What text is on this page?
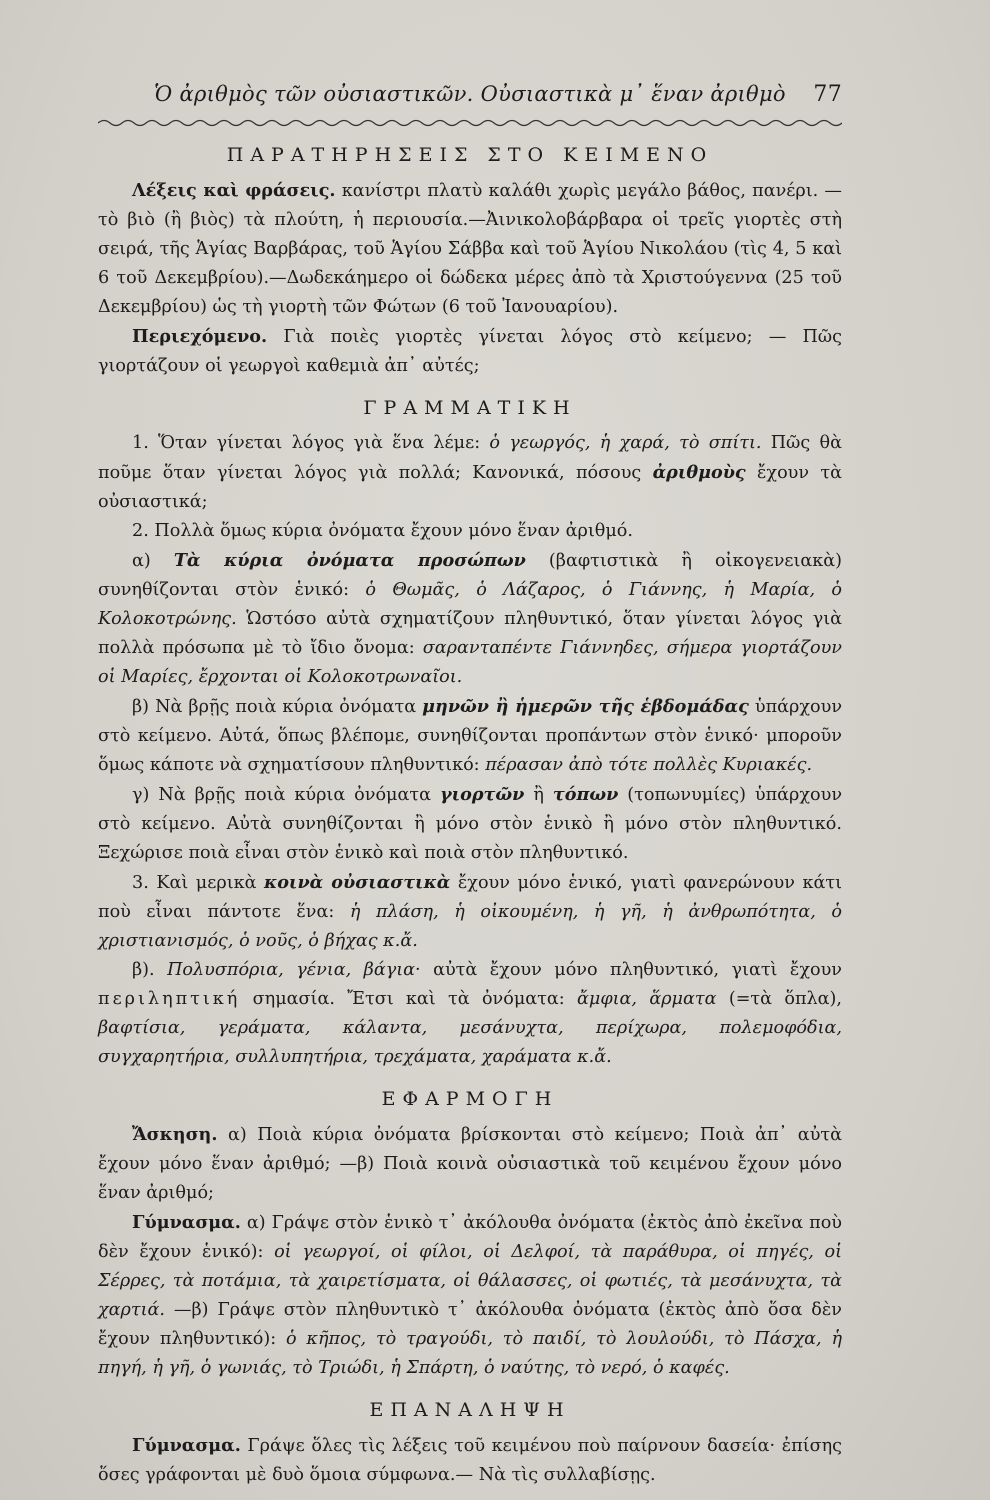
Ὁ ἀριθμὸς τῶν οὐσιαστικῶν. Οὐσιαστικὰ μ᾽ ἕναν ἀριθμὸ 77
ΠΑΡΑΤΗΡΗΣΕΙΣ ΣΤΟ ΚΕΙΜΕΝΟ

Λέξεις καὶ φράσεις. κανίστρι πλατὺ καλάθι χωρὶς μεγάλο βάθος, πανέρι. —τὸ βιὸ (ἢ βιὸς) τὰ πλούτη, ἡ περιουσία.—Ἀινικολοβάρβαρα οἱ τρεῖς γιορτὲς στὴ σειρά, τῆς Ἁγίας Βαρβάρας, τοῦ Ἁγίου Σάββα καὶ τοῦ Ἁγίου Νικολάου (τὶς 4, 5 καὶ 6 τοῦ Δεκεμβρίου).—Δωδεκάημερο οἱ δώδεκα μέρες ἀπὸ τὰ Χριστούγεννα (25 τοῦ Δεκεμβρίου) ὡς τὴ γιορτὴ τῶν Φώτων (6 τοῦ Ἰανουαρίου).

Περιεχόμενο. Γιὰ ποιὲς γιορτὲς γίνεται λόγος στὸ κείμενο; — Πῶς γιορτάζουν οἱ γεωργοὶ καθεμιὰ ἀπ᾽ αὐτές;

ΓΡΑΜΜΑΤΙΚΗ

1. Ὅταν γίνεται λόγος γιὰ ἕνα λέμε: ὁ γεωργός, ἡ χαρά, τὸ σπίτι. Πῶς θὰ ποῦμε ὅταν γίνεται λόγος γιὰ πολλά; Κανονικά, πόσους ἀριθμοὺς ἔχουν τὰ οὐσιαστικά;

2. Πολλὰ ὅμως κύρια ὀνόματα ἔχουν μόνο ἕναν ἀριθμό.

α) Τὰ κύρια ὀνόματα προσώπων (βαφτιστικὰ ἢ οἰκογενειακὰ) συνηθίζονται στὸν ἑνικό: ὁ Θωμᾶς, ὁ Λάζαρος, ὁ Γιάννης, ἡ Μαρία, ὁ Κολοκοτρώνης. Ὡστόσο αὐτὰ σχηματίζουν πληθυντικό, ὅταν γίνεται λόγος γιὰ πολλὰ πρόσωπα μὲ τὸ ἴδιο ὄνομα: σαρανταπέντε Γιάννηδες, σήμερα γιορτάζουν οἱ Μαρίες, ἔρχονται οἱ Κολοκοτρωναῖοι.

β) Νὰ βρῇς ποιὰ κύρια ὀνόματα μηνῶν ἢ ἡμερῶν τῆς ἑβδομάδας ὑπάρχουν στὸ κείμενο. Αὐτά, ὅπως βλέπομε, συνηθίζονται προπάντων στὸν ἑνικό· μποροῦν ὅμως κάποτε νὰ σχηματίσουν πληθυντικό: πέρασαν ἀπὸ τότε πολλὲς Κυριακές.

γ) Νὰ βρῇς ποιὰ κύρια ὀνόματα γιορτῶν ἢ τόπων (τοπωνυμίες) ὑπάρχουν στὸ κείμενο. Αὐτὰ συνηθίζονται ἢ μόνο στὸν ἑνικὸ ἢ μόνο στὸν πληθυντικό. Ξεχώρισε ποιὰ εἶναι στὸν ἑνικὸ καὶ ποιὰ στὸν πληθυντικό.

3. Καὶ μερικὰ κοινὰ οὐσιαστικὰ ἔχουν μόνο ἑνικό, γιατὶ φανερώνουν κάτι ποὺ εἶναι πάντοτε ἕνα: ἡ πλάση, ἡ οἰκουμένη, ἡ γῆ, ἡ ἀνθρωπότητα, ὁ χριστιανισμός, ὁ νοῦς, ὁ βήχας κ.ἄ.

β). Πολυσπόρια, γένια, βάγια· αὐτὰ ἔχουν μόνο πληθυντικό, γιατὶ ἔχουν περιληπτική σημασία. Ἔτσι καὶ τὰ ὀνόματα: ἄμφια, ἅρματα (=τὰ ὅπλα), βαφτίσια, γεράματα, κάλαντα, μεσάνυχτα, περίχωρα, πολεμοφόδια, συγχαρητήρια, συλλυπητήρια, τρεχάματα, χαράματα κ.ἄ.

ΕΦΑΡΜΟΓΗ

Ἄσκηση. α) Ποιὰ κύρια ὀνόματα βρίσκονται στὸ κείμενο; Ποιὰ ἀπ᾽ αὐτὰ ἔχουν μόνο ἕναν ἀριθμό; —β) Ποιὰ κοινὰ οὐσιαστικὰ τοῦ κειμένου ἔχουν μόνο ἕναν ἀριθμό;

Γύμνασμα. α) Γράψε στὸν ἑνικὸ τ᾽ ἀκόλουθα ὀνόματα (ἐκτὸς ἀπὸ ἐκεῖνα ποὺ δὲν ἔχουν ἑνικό): οἱ γεωργοί, οἱ φίλοι, οἱ Δελφοί, τὰ παράθυρα, οἱ πηγές, οἱ Σέρρες, τὰ ποτάμια, τὰ χαιρετίσματα, οἱ θάλασσες, οἱ φωτιές, τὰ μεσάνυχτα, τὰ χαρτιά. —β) Γράψε στὸν πληθυντικὸ τ᾽ ἀκόλουθα ὀνόματα (ἐκτὸς ἀπὸ ὅσα δὲν ἔχουν πληθυντικό): ὁ κῆπος, τὸ τραγούδι, τὸ παιδί, τὸ λουλούδι, τὸ Πάσχα, ἡ πηγή, ἡ γῆ, ὁ γωνιάς, τὸ Τριώδι, ἡ Σπάρτη, ὁ ναύτης, τὸ νερό, ὁ καφές.

ΕΠΑΝΑΛΗΨΗ

Γύμνασμα. Γράψε ὅλες τὶς λέξεις τοῦ κειμένου ποὺ παίρνουν δασεία· ἐπίσης ὅσες γράφονται μὲ δυὸ ὅμοια σύμφωνα.— Νὰ τὶς συλλαβίσῃς.
